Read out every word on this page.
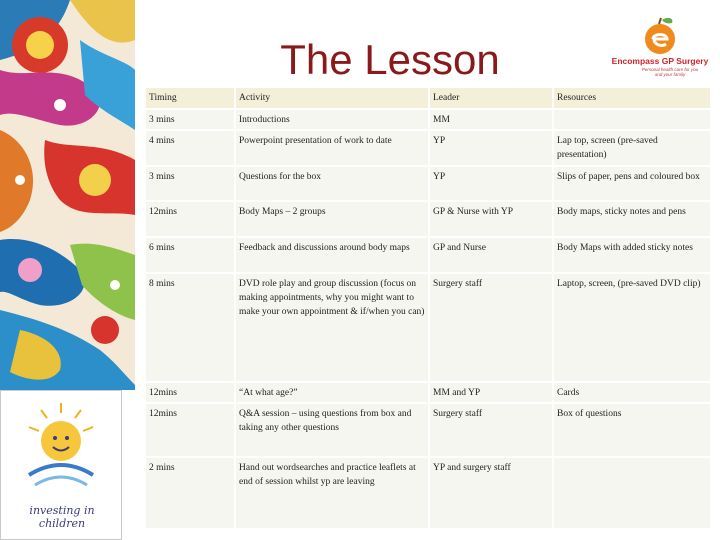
investing in children
The Lesson	Encompass GP Surgery
Personal health care for you and your family
Timing	Activity	Leader	Resources
3 mins	Introductions	MM	
4 mins	Powerpoint presentation of work to date	YP	Lap top, screen (pre-saved presentation)
3 mins	Questions for the box	YP	Slips of paper, pens and coloured box
12mins	Body Maps – 2 groups	GP & Nurse with YP	Body maps, sticky notes and pens
6 mins	Feedback and discussions around body maps	GP and Nurse	Body Maps with added sticky notes
8 mins	DVD role play and group discussion (focus on making appointments, why you might want to make your own appointment & if/when you can)	Surgery staff	Laptop, screen, (pre-saved DVD clip)
12mins	“At what age?”	MM and YP	Cards
12mins	Q&A session – using questions from box and taking any other questions	Surgery staff	Box of questions
2 mins	Hand out wordsearches and practice leaflets at end of session whilst yp are leaving	YP and surgery staff	
